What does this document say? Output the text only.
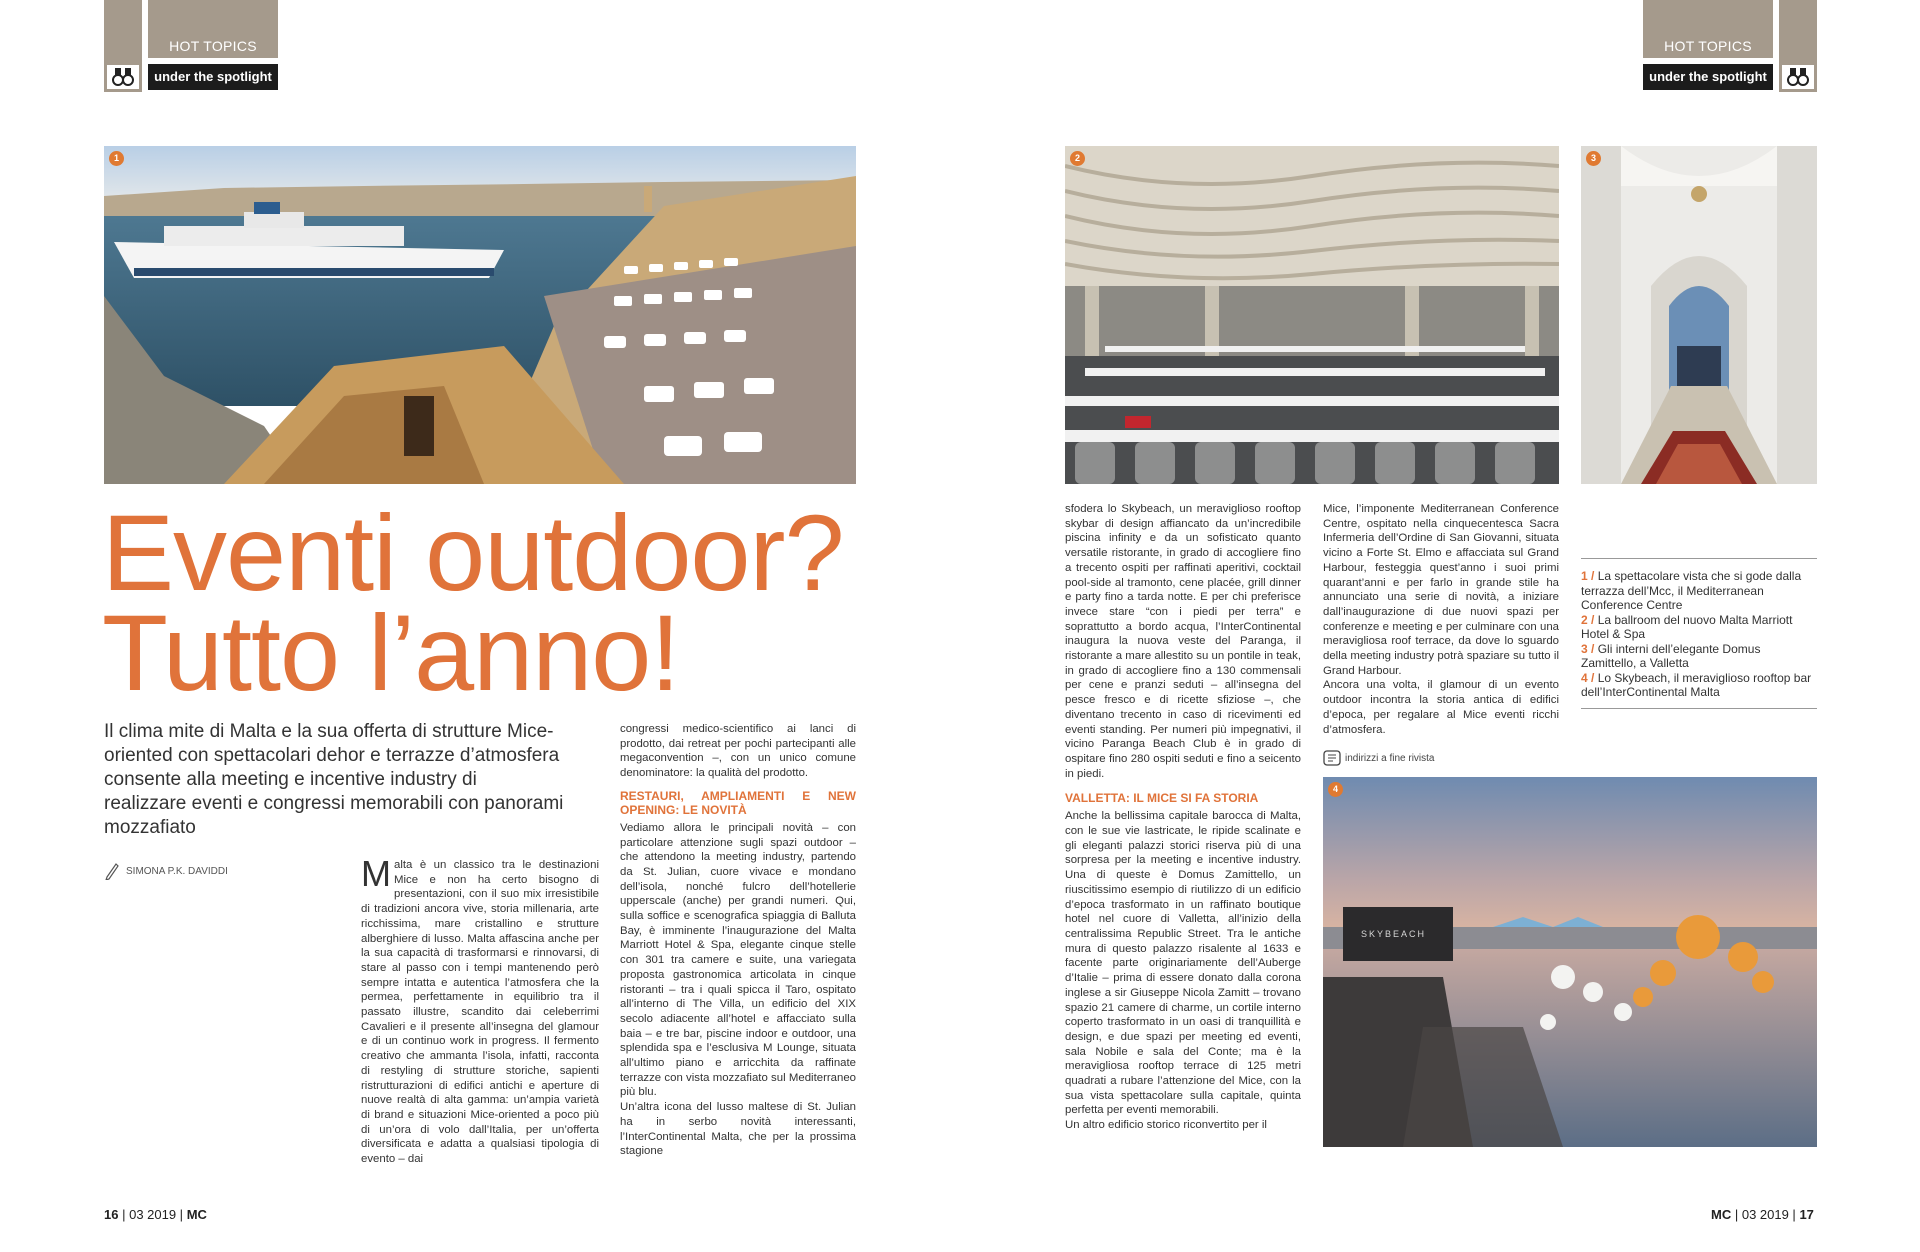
HOT TOPICS
under the spotlight
HOT TOPICS
under the spotlight
1	2	3
SKYBEACH
4
Eventi outdoor?
Tutto l’anno!
Il clima mite di Malta e la sua offerta di strutture Mice-oriented con spettacolari dehor e terrazze d’atmosfera consente alla meeting e incentive industry di realizzare eventi e congressi memorabili con panorami mozzafiato
SIMONA P.K. DAVIDDI	Malta è un classico tra le destinazioni Mice e non ha certo bisogno di presentazioni, con il suo mix irresistibile di tradizioni ancora vive, storia millenaria, arte ricchissima, mare cristallino e strutture alberghiere di lusso. Malta affascina anche per la sua capacità di trasformarsi e rinnovarsi, di stare al passo con i tempi mantenendo però sempre intatta e autentica l’atmosfera che la permea, perfettamente in equilibrio tra il passato illustre, scandito dai celeberrimi Cavalieri e il presente all’insegna del glamour e di un continuo work in progress. Il fermento creativo che ammanta l’isola, infatti, racconta di restyling di strutture storiche, sapienti ristrutturazioni di edifici antichi e aperture di nuove realtà di alta gamma: un’ampia varietà di brand e situazioni Mice-oriented a poco più di un’ora di volo dall’Italia, per un’offerta diversificata e adatta a qualsiasi tipologia di evento – dai

congressi medico-scientifico ai lanci di prodotto, dai retreat per pochi partecipanti alle megaconvention –, con un unico comune denominatore: la qualità del prodotto.

RESTAURI, AMPLIAMENTI E NEW OPENING: LE NOVITÀ

Vediamo allora le principali novità – con particolare attenzione sugli spazi outdoor – che attendono la meeting industry, partendo da St. Julian, cuore vivace e mondano dell’isola, nonché fulcro dell’hotellerie upperscale (anche) per grandi numeri. Qui, sulla soffice e scenografica spiaggia di Balluta Bay, è imminente l’inaugurazione del Malta Marriott Hotel & Spa, elegante cinque stelle con 301 tra camere e suite, una variegata proposta gastronomica articolata in cinque ristoranti – tra i quali spicca il Taro, ospitato all’interno di The Villa, un edificio del XIX secolo adiacente all’hotel e affacciato sulla baia – e tre bar, piscine indoor e outdoor, una splendida spa e l’esclusiva M Lounge, situata all’ultimo piano e arricchita da raffinate terrazze con vista mozzafiato sul Mediterraneo più blu.

Un’altra icona del lusso maltese di St. Julian ha in serbo novità interessanti, l’InterContinental Malta, che per la prossima stagione

sfodera lo Skybeach, un meraviglioso rooftop skybar di design affiancato da un’incredibile piscina infinity e da un sofisticato quanto versatile ristorante, in grado di accogliere fino a trecento ospiti per raffinati aperitivi, cocktail pool-side al tramonto, cene placée, grill dinner e party fino a tarda notte. E per chi preferisce invece stare “con i piedi per terra” e soprattutto a bordo acqua, l’InterContinental inaugura la nuova veste del Paranga, il ristorante a mare allestito su un pontile in teak, in grado di accogliere fino a 130 commensali per cene e pranzi seduti – all’insegna del pesce fresco e di ricette sfiziose –, che diventano trecento in caso di ricevimenti ed eventi standing. Per numeri più impegnativi, il vicino Paranga Beach Club è in grado di ospitare fino 280 ospiti seduti e fino a seicento in piedi.

VALLETTA: IL MICE SI FA STORIA

Anche la bellissima capitale barocca di Malta, con le sue vie lastricate, le ripide scalinate e gli eleganti palazzi storici riserva più di una sorpresa per la meeting e incentive industry. Una di queste è Domus Zamittello, un riuscitissimo esempio di riutilizzo di un edificio d’epoca trasformato in un raffinato boutique hotel nel cuore di Valletta, all’inizio della centralissima Republic Street. Tra le antiche mura di questo palazzo risalente al 1633 e facente parte originariamente dell’Auberge d’Italie – prima di essere donato dalla corona inglese a sir Giuseppe Nicola Zamitt – trovano spazio 21 camere di charme, un cortile interno coperto trasformato in un oasi di tranquillità e design, e due spazi per meeting ed eventi, sala Nobile e sala del Conte; ma è la meravigliosa rooftop terrace di 125 metri quadrati a rubare l’attenzione del Mice, con la sua vista spettacolare sulla capitale, quinta perfetta per eventi memorabili.

Un altro edificio storico riconvertito per il

Mice, l’imponente Mediterranean Conference Centre, ospitato nella cinquecentesca Sacra Infermeria dell’Ordine di San Giovanni, situata vicino a Forte St. Elmo e affacciata sul Grand Harbour, festeggia quest’anno i suoi primi quarant’anni e per farlo in grande stile ha annunciato una serie di novità, a iniziare dall’inaugurazione di due nuovi spazi per conferenze e meeting e per culminare con una meravigliosa roof terrace, da dove lo sguardo della meeting industry potrà spaziare su tutto il Grand Harbour.

Ancora una volta, il glamour di un evento outdoor incontra la storia antica di edifici d’epoca, per regalare al Mice eventi ricchi d’atmosfera.

indirizzi a fine rivista
1 / La spettacolare vista che si gode dalla terrazza dell’Mcc, il Mediterranean Conference Centre
2 / La ballroom del nuovo Malta Marriott Hotel & Spa
3 / Gli interni dell’elegante Domus Zamittello, a Valletta
4 / Lo Skybeach, il meraviglioso rooftop bar dell’InterContinental Malta
16 | 03 2019 | MC	MC | 03 2019 | 17
